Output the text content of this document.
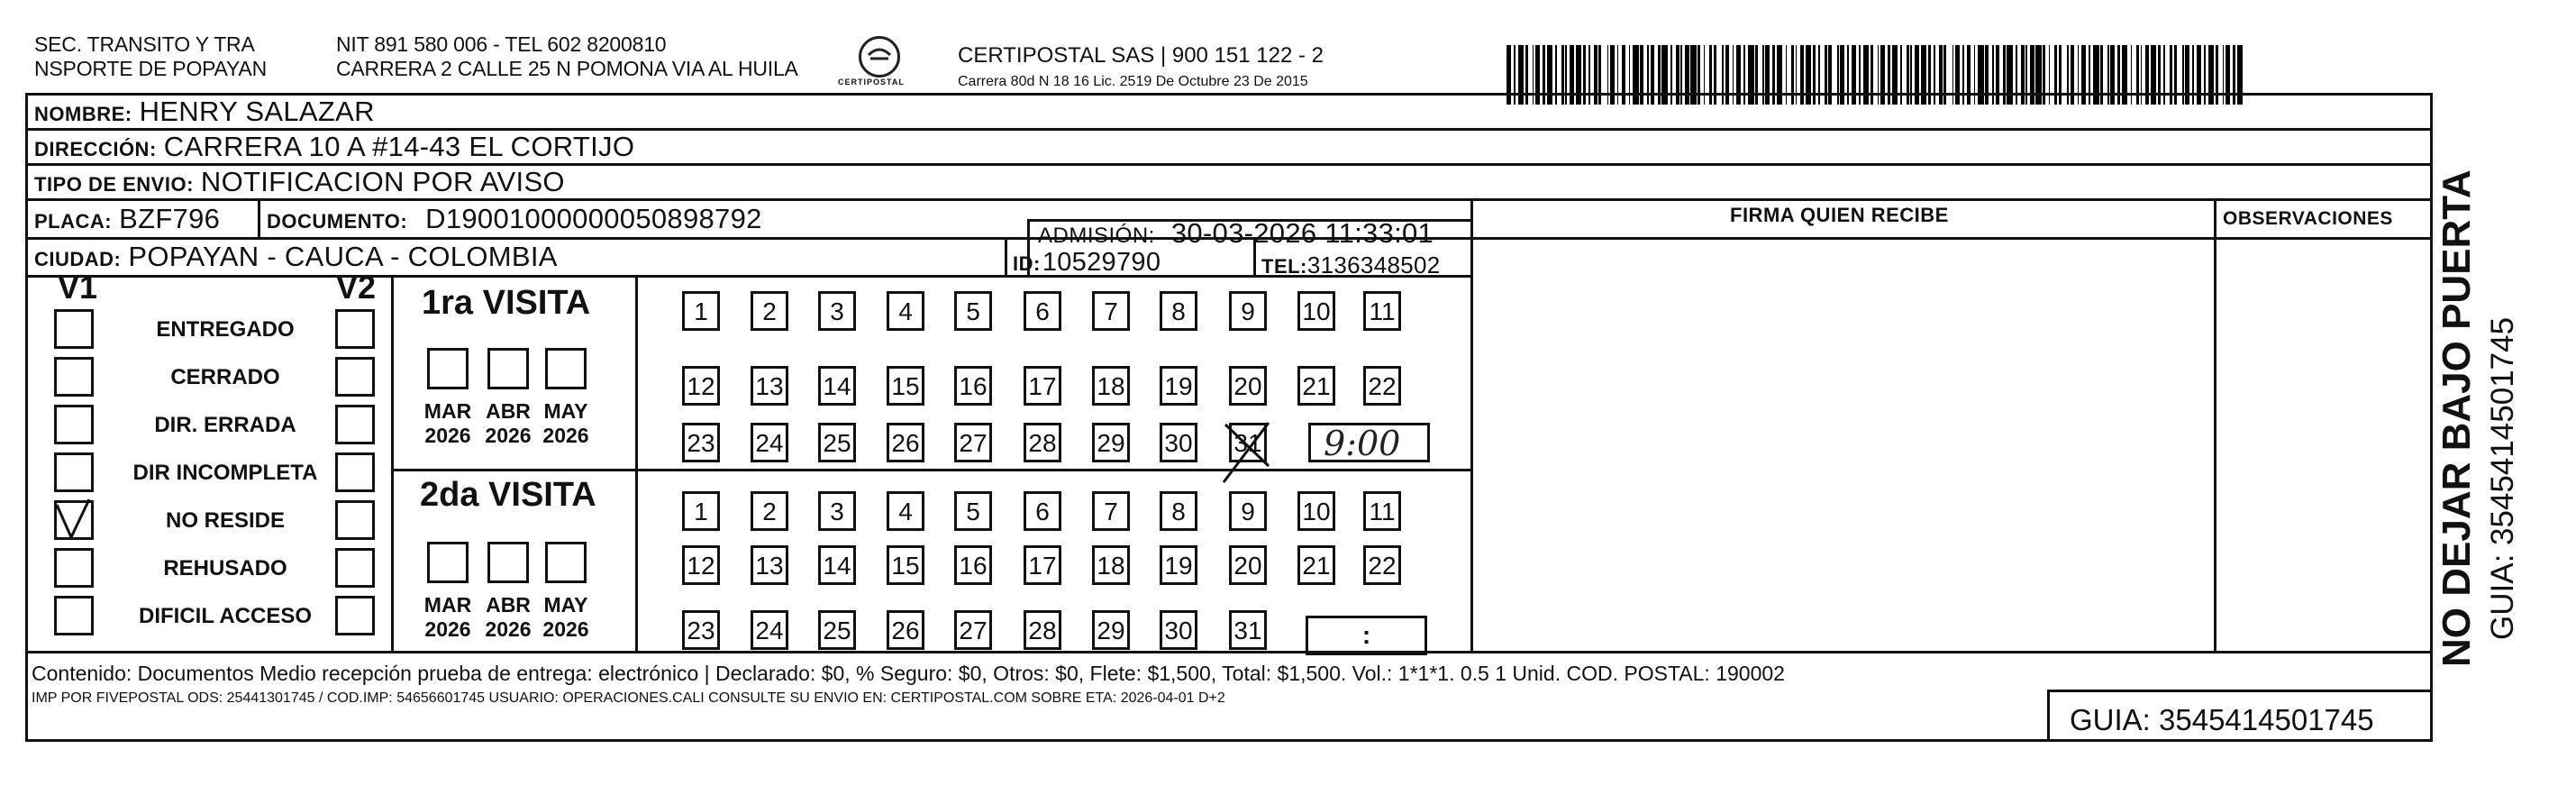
SEC. TRANSITO Y TRA
NSPORTE DE POPAYAN
NIT 891 580 006 - TEL 602 8200810
CARRERA 2 CALLE 25 N POMONA VIA AL HUILA
CERTIPOSTAL
CERTIPOSTAL SAS | 900 151 122 - 2
Carrera 80d N 18 16 Lic. 2519 De Octubre 23 De 2015
NOMBRE: HENRY SALAZAR
DIRECCIÓN: CARRERA 10 A #14-43 EL CORTIJO
TIPO DE ENVIO: NOTIFICACION POR AVISO
PLACA: BZF796 DOCUMENTO: D19001000000050898792
ADMISIÓN: 30-03-2026 11:33:01
CIUDAD: POPAYAN - CAUCA - COLOMBIA	ID: 10529790	TEL: 3136348502
FIRMA QUIEN RECIBE	OBSERVACIONES
V1	V2
ENTREGADO
CERRADO
DIR. ERRADA
DIR INCOMPLETA
NO RESIDE
REHUSADO
DIFICIL ACCESO
1ra VISITA
MAR
2026
ABR
2026
MAY
2026
1	2	3	4	5	6	7	8	9	10 11
12 13 14 15 16 17 18 19 20 21 22
23 24 25 26 27 28 29 30 31 9:00
2da VISITA
MAR
2026
ABR
2026
MAY
2026
1	2	3	4	5	6	7	8	9	10 11
12 13 14 15 16 17 18 19 20 21 22
23 24 25 26 27 28 29 30 31	:
Contenido: Documentos Medio recepción prueba de entrega: electrónico | Declarado: $0, % Seguro: $0, Otros: $0, Flete: $1,500, Total: $1,500. Vol.: 1*1*1. 0.5 1 Unid. COD. POSTAL: 190002
IMP POR FIVEPOSTAL ODS: 25441301745 / COD.IMP: 54656601745 USUARIO: OPERACIONES.CALI CONSULTE SU ENVIO EN: CERTIPOSTAL.COM SOBRE ETA: 2026-04-01 D+2
GUIA: 3545414501745
NO DEJAR BAJO PUERTA GUIA: 3545414501745
